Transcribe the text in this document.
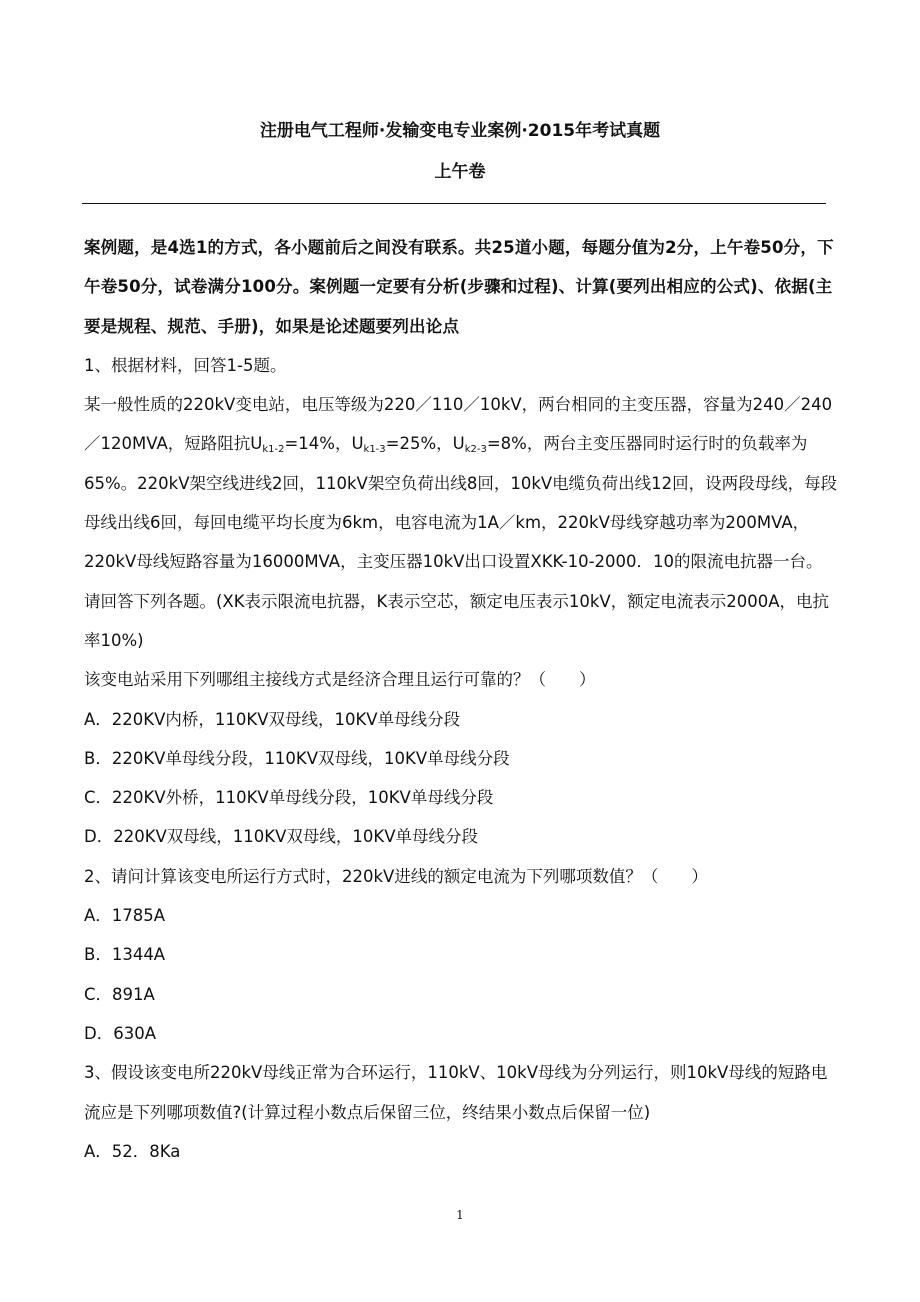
注册电气工程师·发输变电专业案例·2015年考试真题
上午卷

案例题，是4选1的方式，各小题前后之间没有联系。共25道小题，每题分值为2分，上午卷50分，下午卷50分，试卷满分100分。案例题一定要有分析(步骤和过程)、计算(要列出相应的公式)、依据(主要是规程、规范、手册)，如果是论述题要列出论点

1、根据材料，回答1-5题。

某一般性质的220kV变电站，电压等级为220／110／10kV，两台相同的主变压器，容量为240／240／120MVA，短路阻抗$U_{k1-2}=14\%$，$U_{k1-3}=25\%$，$U_{k2-3}=8\%$，两台主变压器同时运行时的负载率为65%。220kV架空线进线2回，110kV架空负荷出线8回，10kV电缆负荷出线12回，设两段母线，每段母线出线6回，每回电缆平均长度为6km，电容电流为1A／km，220kV母线穿越功率为200MVA，220kV母线短路容量为16000MVA，主变压器10kV出口设置XKK-10-2000．10的限流电抗器一台。请回答下列各题。(XK表示限流电抗器，K表示空芯，额定电压表示10kV，额定电流表示2000A，电抗率10%)

该变电站采用下列哪组主接线方式是经济合理且运行可靠的？（　　）

A．220KV内桥，110KV双母线，10KV单母线分段

B．220KV单母线分段，110KV双母线，10KV单母线分段

C．220KV外桥，110KV单母线分段，10KV单母线分段

D．220KV双母线，110KV双母线，10KV单母线分段

2、请问计算该变电所运行方式时，220kV进线的额定电流为下列哪项数值？（　　）

A．1785A

B．1344A

C．891A

D．630A

3、假设该变电所220kV母线正常为合环运行，110kV、10kV母线为分列运行，则10kV母线的短路电流应是下列哪项数值?(计算过程小数点后保留三位，终结果小数点后保留一位)

A．52．8Ka

1
